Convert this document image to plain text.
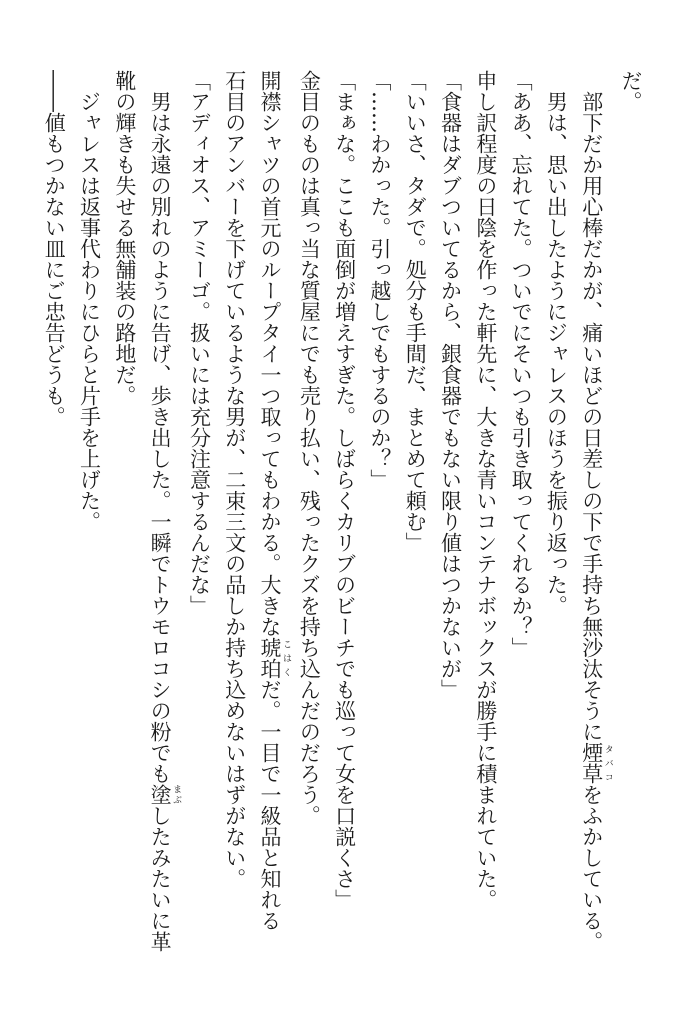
だ。
部下だか用心棒だかが、痛いほどの日差しの下で手持ち無沙汰そうに煙草 タバコをふかしている。
男は、思い出したようにジャレスのほうを振り返った。
「ああ、忘れてた。ついでにそいつも引き取ってくれるか？」
申し訳程度の日陰を作った軒先に、大きな青いコンテナボックスが勝手に積まれていた。
「食器はダブついてるから、銀食器でもない限り値はつかないが」
「いいさ、タダで。処分も手間だ、まとめて頼む」
「……わかった。引っ越しでもするのか？」
「まぁな。ここも面倒が増えすぎた。しばらくカリブのビーチでも巡って女を口説くさ」
金目のものは真っ当な質屋にでも売り払い、残ったクズを持ち込んだのだろう。
開襟シャツの首元のループタイ一つ取ってもわかる。大きな琥珀 こはくだ。一目で一級品と知れる
石目のアンバーを下げているような男が、二束三文の品しか持ち込めないはずがない。
「アディオス、アミーゴ。扱いには充分注意するんだな」
男は永遠の別れのように告げ、歩き出した。一瞬でトウモロコシの粉でも塗 まぶしたみたいに革
靴の輝きも失せる無舗装の路地だ。
ジャレスは返事代わりにひらと片手を上げた。
――値もつかない皿にご忠告どうも。
